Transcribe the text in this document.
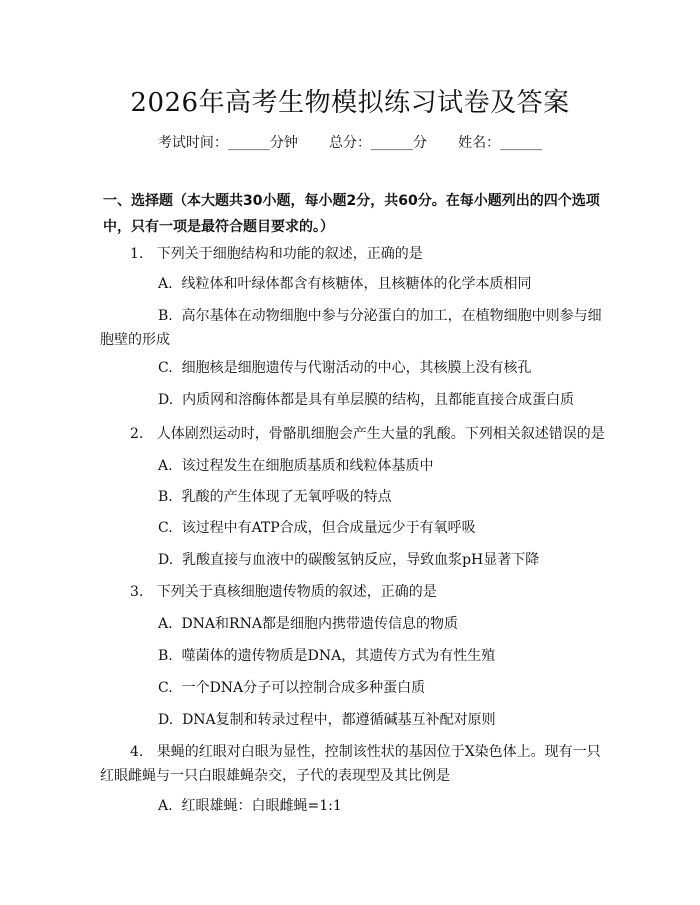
2026年高考生物模拟练习试卷及答案
考试时间：______分钟 总分：______分 姓名：______
一、选择题（本大题共30小题，每小题2分，共60分。在每小题列出的四个选项中，只有一项是最符合题目要求的。）
1.   下列关于细胞结构和功能的叙述，正确的是
A.  线粒体和叶绿体都含有核糖体，且核糖体的化学本质相同
B.  高尔基体在动物细胞中参与分泌蛋白的加工，在植物细胞中则参与细胞壁的形成
C.  细胞核是细胞遗传与代谢活动的中心，其核膜上没有核孔
D.  内质网和溶酶体都是具有单层膜的结构，且都能直接合成蛋白质
2.   人体剧烈运动时，骨骼肌细胞会产生大量的乳酸。下列相关叙述错误的是
A.  该过程发生在细胞质基质和线粒体基质中
B.  乳酸的产生体现了无氧呼吸的特点
C.  该过程中有ATP合成，但合成量远少于有氧呼吸
D.  乳酸直接与血液中的碳酸氢钠反应，导致血浆pH显著下降
3.   下列关于真核细胞遗传物质的叙述，正确的是
A.  DNA和RNA都是细胞内携带遗传信息的物质
B.  噬菌体的遗传物质是DNA，其遗传方式为有性生殖
C.  一个DNA分子可以控制合成多种蛋白质
D.  DNA复制和转录过程中，都遵循碱基互补配对原则
4.   果蝇的红眼对白眼为显性，控制该性状的基因位于X染色体上。现有一只红眼雌蝇与一只白眼雄蝇杂交，子代的表现型及其比例是
A.  红眼雄蝇：白眼雌蝇=1:1
